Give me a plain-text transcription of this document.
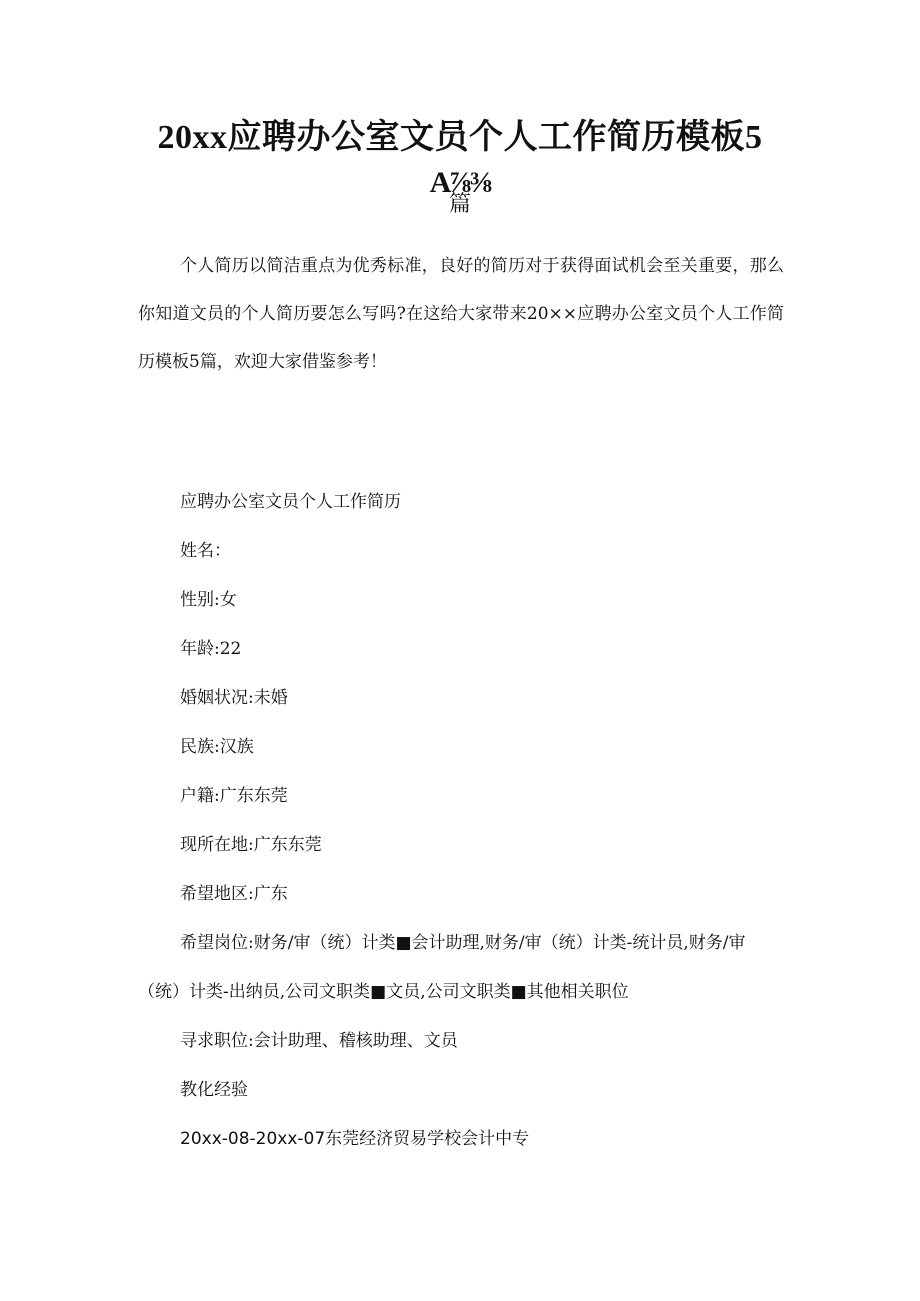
20xx应聘办公室文员个人工作简历模板5
A⅞⅜
篇
个人简历以简洁重点为优秀标准，良好的简历对于获得面试机会至关重要，那么你知道文员的个人简历要怎么写吗?在这给大家带来20××应聘办公室文员个人工作简历模板5篇，欢迎大家借鉴参考！
应聘办公室文员个人工作简历
姓名：
性别:女
年龄:22
婚姻状况:未婚
民族:汉族
户籍:广东东莞
现所在地:广东东莞
希望地区:广东
希望岗位:财务/审（统）计类■会计助理,财务/审（统）计类-统计员,财务/审（统）计类-出纳员,公司文职类■文员,公司文职类■其他相关职位
寻求职位:会计助理、稽核助理、文员
教化经验
20xx-08-20xx-07东莞经济贸易学校会计中专
